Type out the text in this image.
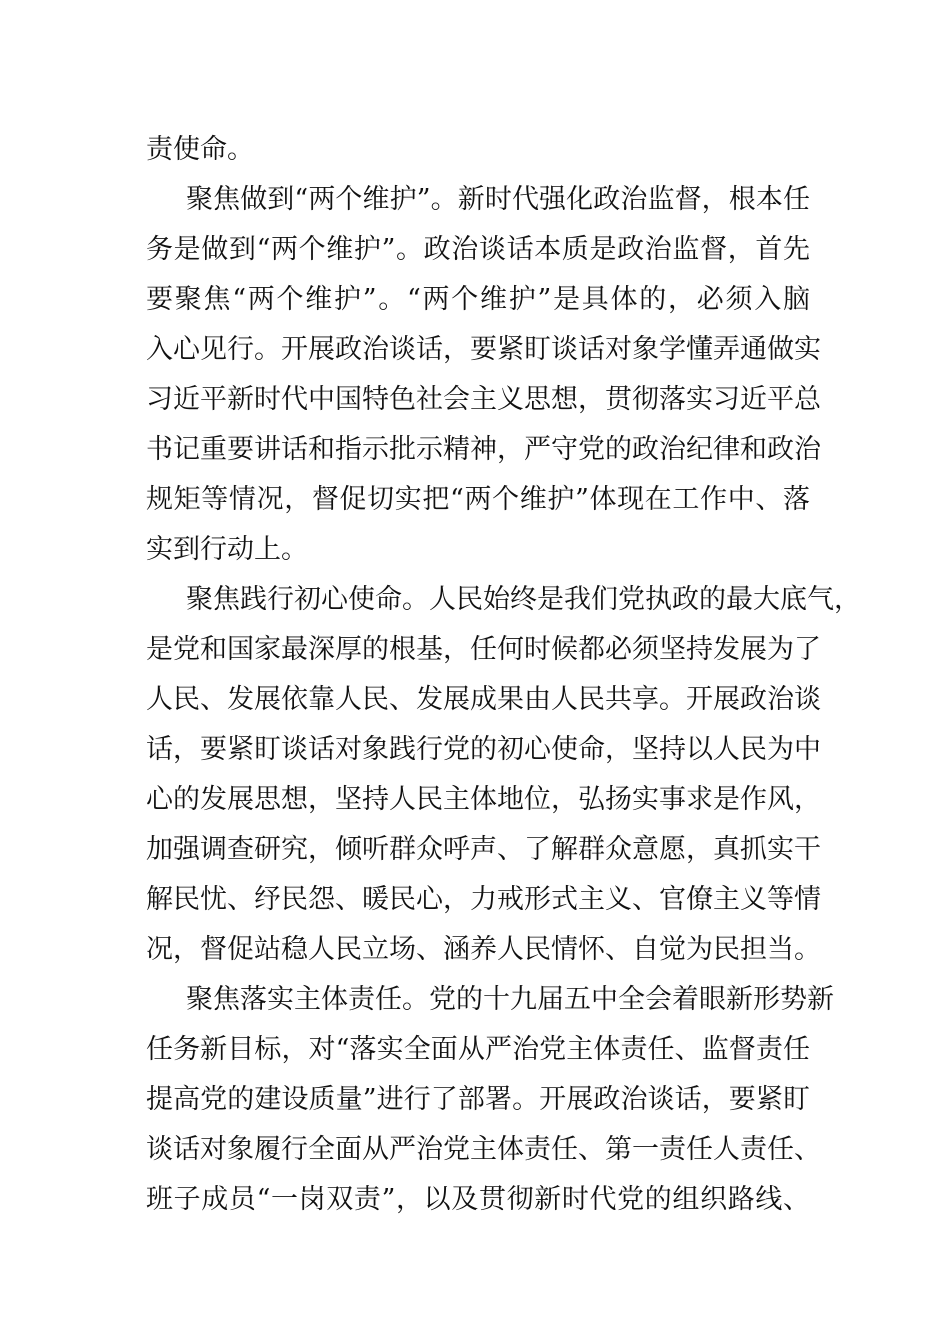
责使命。
聚焦做到“两个维护”。新时代强化政治监督，根本任
务是做到“两个维护”。政治谈话本质是政治监督，首先
要聚焦“两个维护”。“两个维护”是具体的，必须入脑
入心见行。开展政治谈话，要紧盯谈话对象学懂弄通做实
习近平新时代中国特色社会主义思想，贯彻落实习近平总
书记重要讲话和指示批示精神，严守党的政治纪律和政治
规矩等情况，督促切实把“两个维护”体现在工作中、落
实到行动上。
聚焦践行初心使命。人民始终是我们党执政的最大底气，
是党和国家最深厚的根基，任何时候都必须坚持发展为了
人民、发展依靠人民、发展成果由人民共享。开展政治谈
话，要紧盯谈话对象践行党的初心使命，坚持以人民为中
心的发展思想，坚持人民主体地位，弘扬实事求是作风，
加强调查研究，倾听群众呼声、了解群众意愿，真抓实干
解民忧、纾民怨、暖民心，力戒形式主义、官僚主义等情
况，督促站稳人民立场、涵养人民情怀、自觉为民担当。
聚焦落实主体责任。党的十九届五中全会着眼新形势新
任务新目标，对“落实全面从严治党主体责任、监督责任
提高党的建设质量”进行了部署。开展政治谈话，要紧盯
谈话对象履行全面从严治党主体责任、第一责任人责任、
班子成员“一岗双责”，以及贯彻新时代党的组织路线、
